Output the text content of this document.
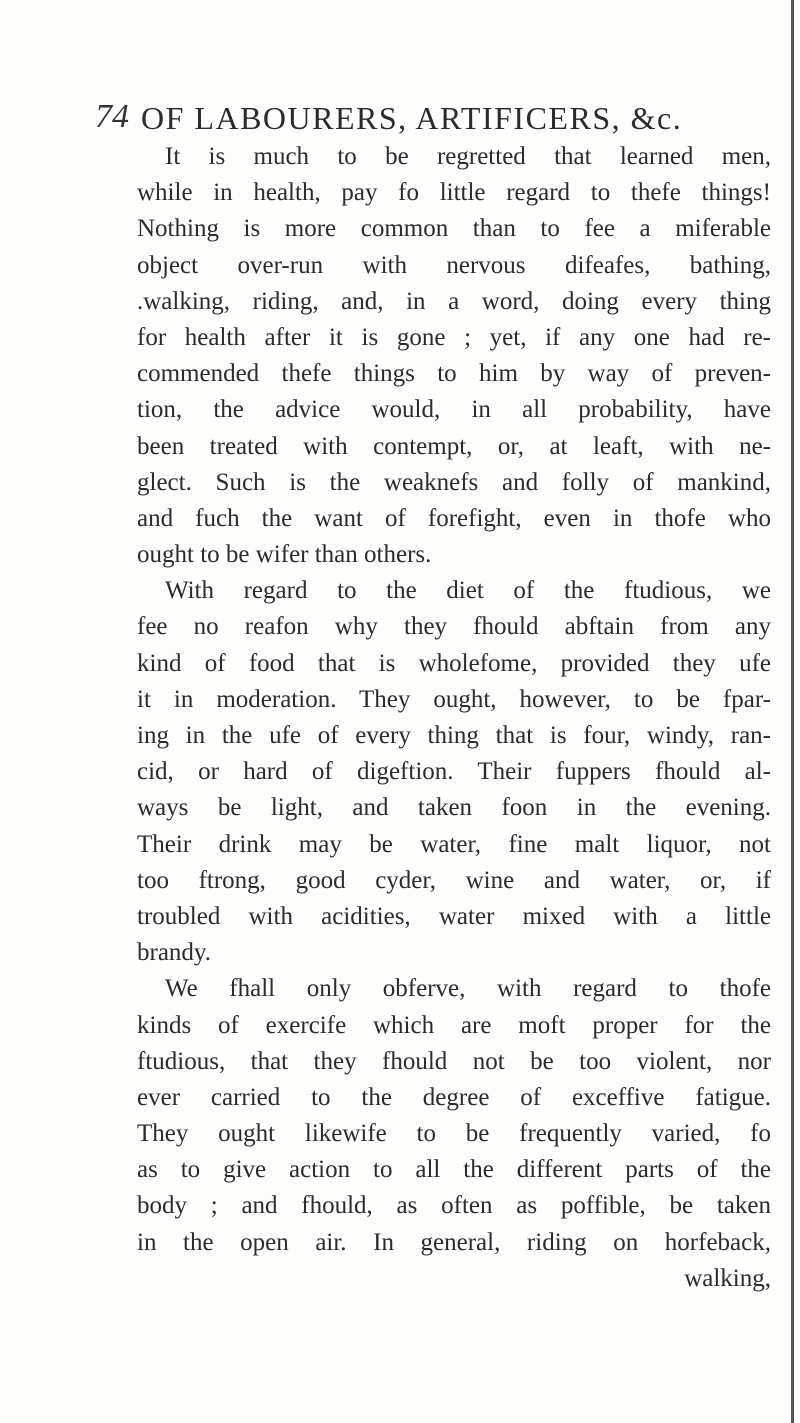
74 OF LABOURERS, ARTIFICERS, &c.
It is much to be regretted that learned men,
while in health, pay fo little regard to thefe things!
Nothing is more common than to fee a miferable
object over-run with nervous difeafes, bathing,
.walking, riding, and, in a word, doing every thing
for health after it is gone ; yet, if any one had re-
commended thefe things to him by way of preven-
tion, the advice would, in all probability, have
been treated with contempt, or, at leaft, with ne-
glect. Such is the weaknefs and folly of mankind,
and fuch the want of forefight, even in thofe who
ought to be wifer than others.
With regard to the diet of the ftudious, we
fee no reafon why they fhould abftain from any
kind of food that is wholefome, provided they ufe
it in moderation. They ought, however, to be fpar-
ing in the ufe of every thing that is four, windy, ran-
cid, or hard of digeftion. Their fuppers fhould al-
ways be light, and taken foon in the evening.
Their drink may be water, fine malt liquor, not
too ftrong, good cyder, wine and water, or, if
troubled with acidities, water mixed with a little
brandy.
We fhall only obferve, with regard to thofe
kinds of exercife which are moft proper for the
ftudious, that they fhould not be too violent, nor
ever carried to the degree of exceffive fatigue.
They ought likewife to be frequently varied, fo
as to give action to all the different parts of the
body ; and fhould, as often as poffible, be taken
in the open air. In general, riding on horfeback,
walking,
